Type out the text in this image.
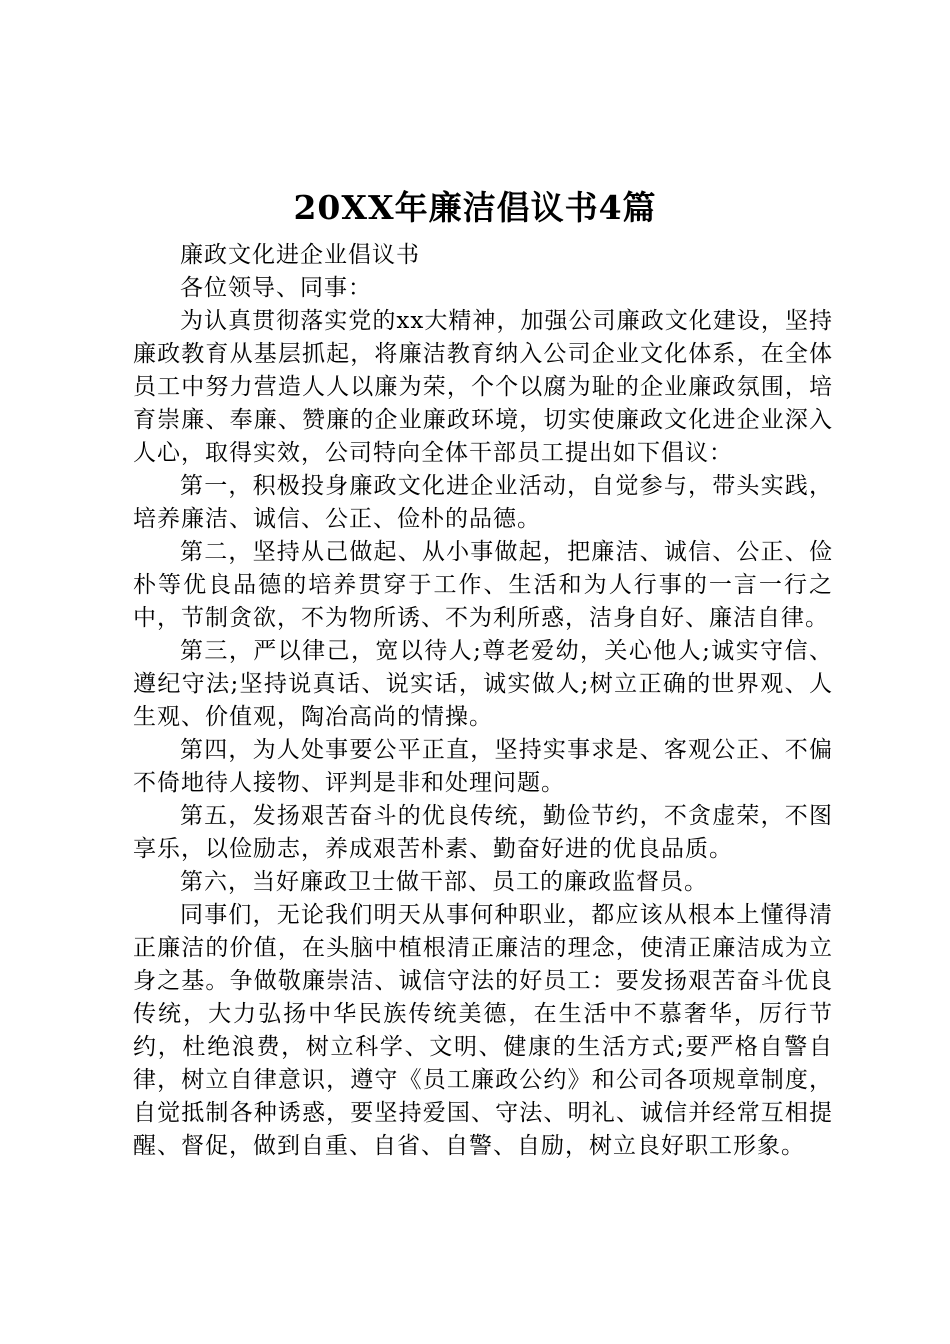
20XX年廉洁倡议书4篇

廉政文化进企业倡议书

各位领导、同事：

为认真贯彻落实党的xx大精神，加强公司廉政文化建设，坚持廉政教育从基层抓起，将廉洁教育纳入公司企业文化体系，在全体员工中努力营造人人以廉为荣，个个以腐为耻的企业廉政氛围，培育崇廉、奉廉、赞廉的企业廉政环境，切实使廉政文化进企业深入人心，取得实效，公司特向全体干部员工提出如下倡议：

第一，积极投身廉政文化进企业活动，自觉参与，带头实践，培养廉洁、诚信、公正、俭朴的品德。

第二，坚持从己做起、从小事做起，把廉洁、诚信、公正、俭朴等优良品德的培养贯穿于工作、生活和为人行事的一言一行之中，节制贪欲，不为物所诱、不为利所惑，洁身自好、廉洁自律。

第三，严以律己，宽以待人;尊老爱幼，关心他人;诚实守信、遵纪守法;坚持说真话、说实话，诚实做人;树立正确的世界观、人生观、价值观，陶冶高尚的情操。

第四，为人处事要公平正直，坚持实事求是、客观公正、不偏不倚地待人接物、评判是非和处理问题。

第五，发扬艰苦奋斗的优良传统，勤俭节约，不贪虚荣，不图享乐，以俭励志，养成艰苦朴素、勤奋好进的优良品质。

第六，当好廉政卫士做干部、员工的廉政监督员。

同事们，无论我们明天从事何种职业，都应该从根本上懂得清正廉洁的价值，在头脑中植根清正廉洁的理念，使清正廉洁成为立身之基。争做敬廉崇洁、诚信守法的好员工：要发扬艰苦奋斗优良传统，大力弘扬中华民族传统美德，在生活中不慕奢华，厉行节约，杜绝浪费，树立科学、文明、健康的生活方式;要严格自警自律，树立自律意识，遵守《员工廉政公约》和公司各项规章制度，自觉抵制各种诱惑，要坚持爱国、守法、明礼、诚信并经常互相提醒、督促，做到自重、自省、自警、自励，树立良好职工形象。
